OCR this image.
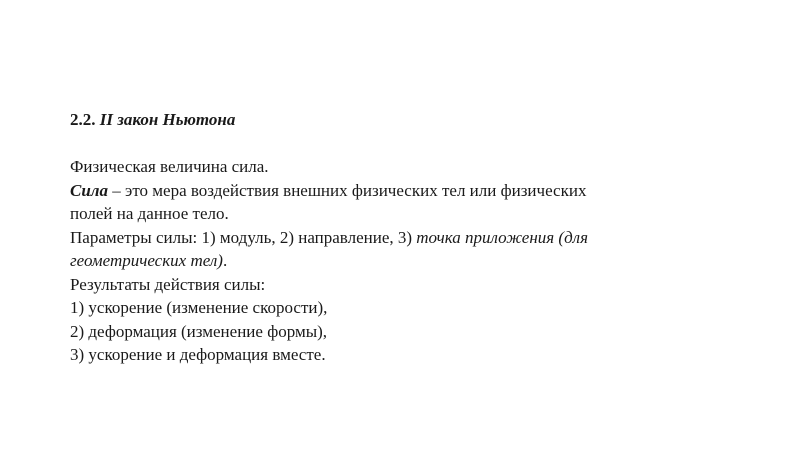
2.2. II закон Ньютона

Физическая величина сила.

Сила – это мера воздействия внешних физических тел или физических

полей на данное тело.

Параметры силы: 1) модуль, 2) направление, 3) точка приложения (для

геометрических тел).

Результаты действия силы:

1) ускорение (изменение скорости),

2) деформация (изменение формы),

3) ускорение и деформация вместе.
